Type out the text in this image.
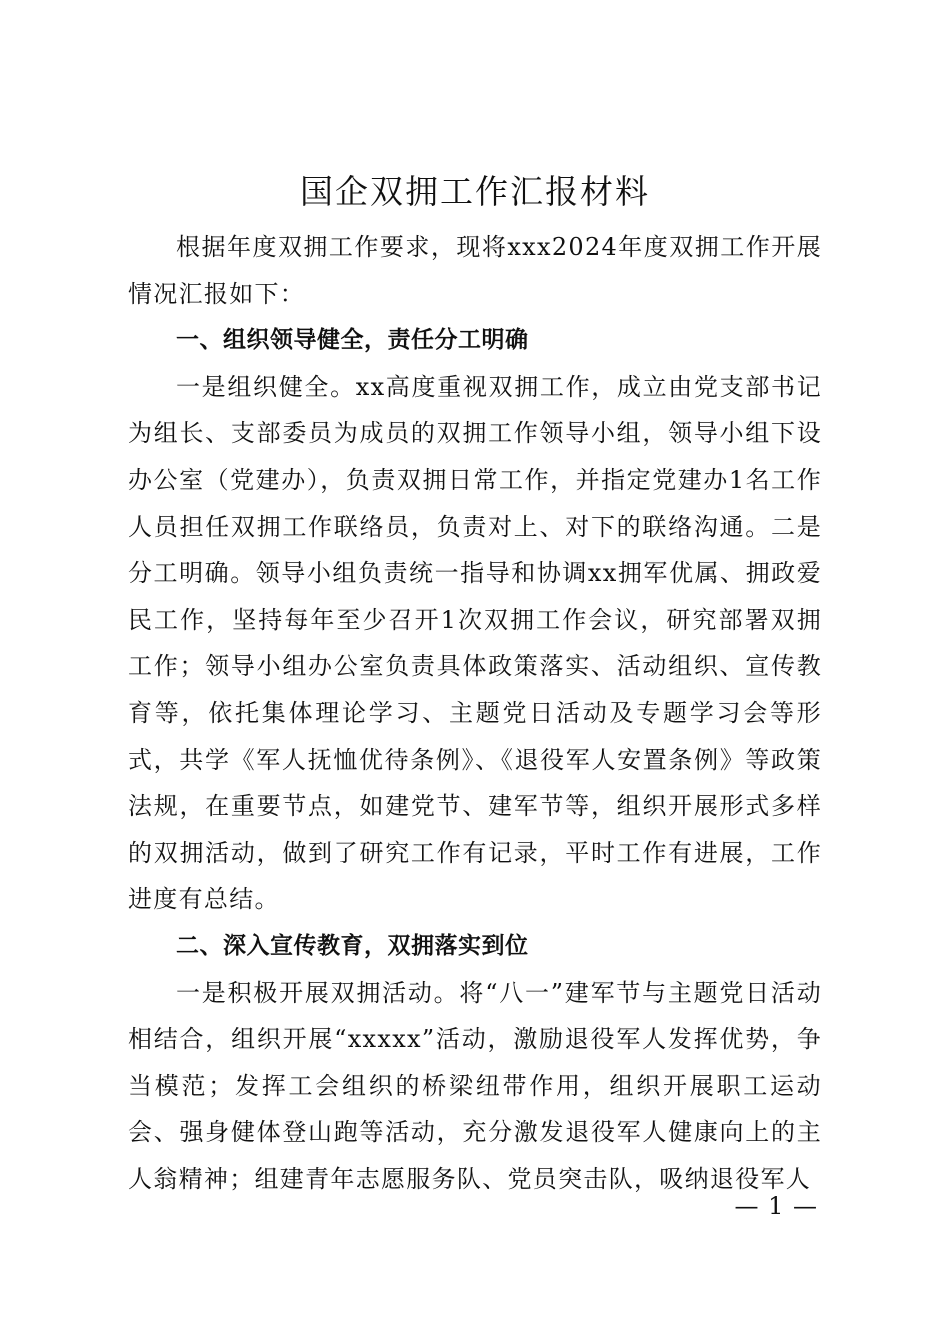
国企双拥工作汇报材料

根据年度双拥工作要求，现将xxx2024年度双拥工作开展情况汇报如下：

一、组织领导健全，责任分工明确

一是组织健全。xx高度重视双拥工作，成立由党支部书记为组长、支部委员为成员的双拥工作领导小组，领导小组下设办公室（党建办），负责双拥日常工作，并指定党建办1名工作人员担任双拥工作联络员，负责对上、对下的联络沟通。二是分工明确。领导小组负责统一指导和协调xx拥军优属、拥政爱民工作，坚持每年至少召开1次双拥工作会议，研究部署双拥工作；领导小组办公室负责具体政策落实、活动组织、宣传教育等，依托集体理论学习、主题党日活动及专题学习会等形式，共学《军人抚恤优待条例》、《退役军人安置条例》等政策法规，在重要节点，如建党节、建军节等，组织开展形式多样的双拥活动，做到了研究工作有记录，平时工作有进展，工作进度有总结。

二、深入宣传教育，双拥落实到位

一是积极开展双拥活动。将“八一”建军节与主题党日活动相结合，组织开展“xxxxx”活动，激励退役军人发挥优势，争当模范；发挥工会组织的桥梁纽带作用，组织开展职工运动会、强身健体登山跑等活动，充分激发退役军人健康向上的主人翁精神；组建青年志愿服务队、党员突击队，吸纳退役军人

— 1 —
